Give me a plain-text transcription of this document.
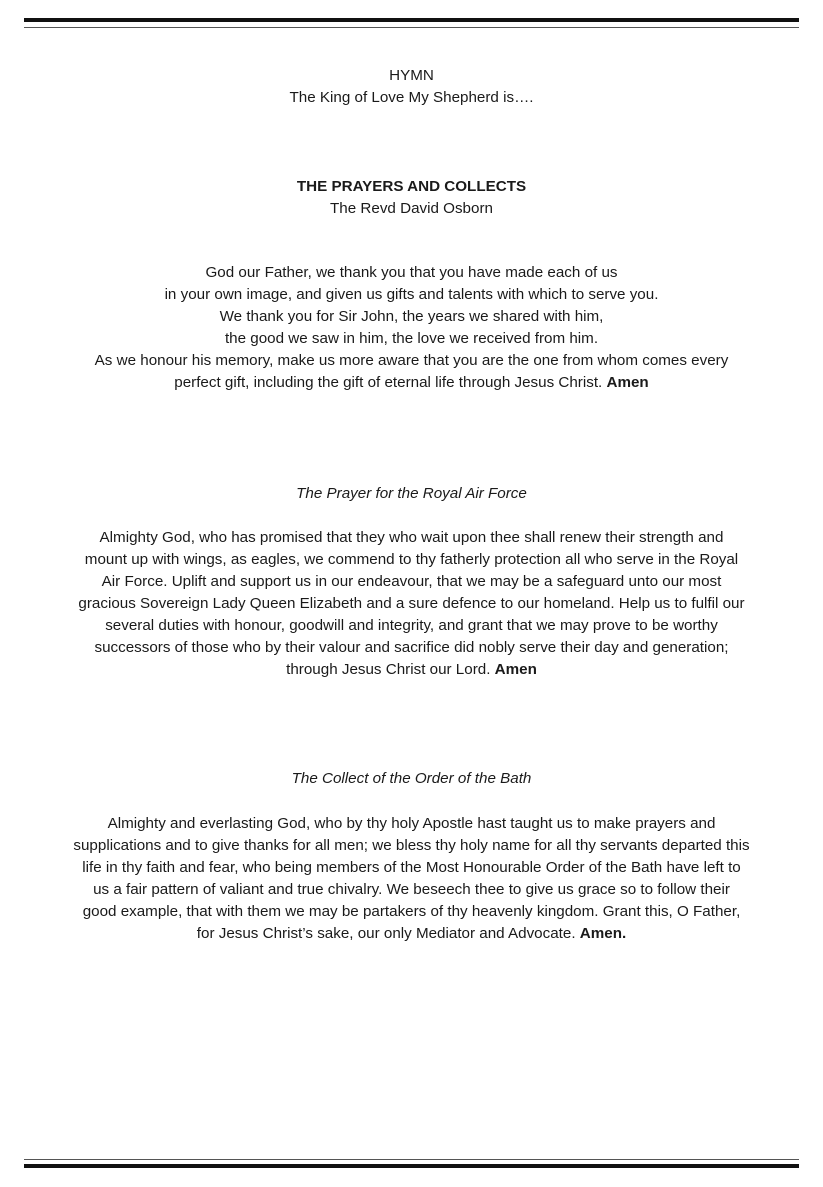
HYMN
The King of Love My Shepherd is….
THE PRAYERS AND COLLECTS
The Revd David Osborn
God our Father, we thank you that you have made each of us
in your own image, and given us gifts and talents with which to serve you.
We thank you for Sir John, the years we shared with him,
the good we saw in him, the love we received from him.
As we honour his memory, make us more aware that you are the one from whom comes every
perfect gift, including the gift of eternal life through Jesus Christ. Amen
The Prayer for the Royal Air Force
Almighty God, who has promised that they who wait upon thee shall renew their strength and
mount up with wings, as eagles, we commend to thy fatherly protection all who serve in the Royal
Air Force. Uplift and support us in our endeavour, that we may be a safeguard unto our most
gracious Sovereign Lady Queen Elizabeth and a sure defence to our homeland. Help us to fulfil our
several duties with honour, goodwill and integrity, and grant that we may prove to be worthy
successors of those who by their valour and sacrifice did nobly serve their day and generation;
through Jesus Christ our Lord. Amen
The Collect of the Order of the Bath
Almighty and everlasting God, who by thy holy Apostle hast taught us to make prayers and
supplications and to give thanks for all men; we bless thy holy name for all thy servants departed this
life in thy faith and fear, who being members of the Most Honourable Order of the Bath have left to
us a fair pattern of valiant and true chivalry. We beseech thee to give us grace so to follow their
good example, that with them we may be partakers of thy heavenly kingdom. Grant this, O Father,
for Jesus Christ’s sake, our only Mediator and Advocate. Amen.
